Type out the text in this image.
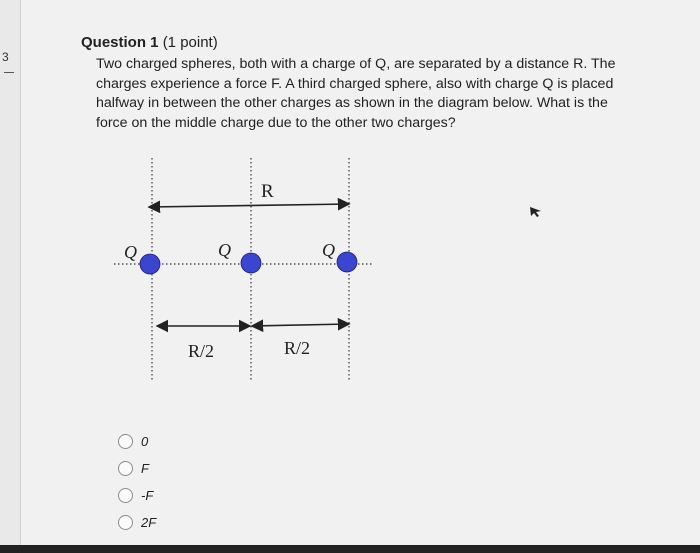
3
Question 1 (1 point)
Two charged spheres, both with a charge of Q, are separated by a distance R. The charges experience a force F. A third charged sphere, also with charge Q is placed halfway in between the other charges as shown in the diagram below. What is the force on the middle charge due to the other two charges?
R
Q	Q	Q
R/2	R/2
0
F
-F
2F
